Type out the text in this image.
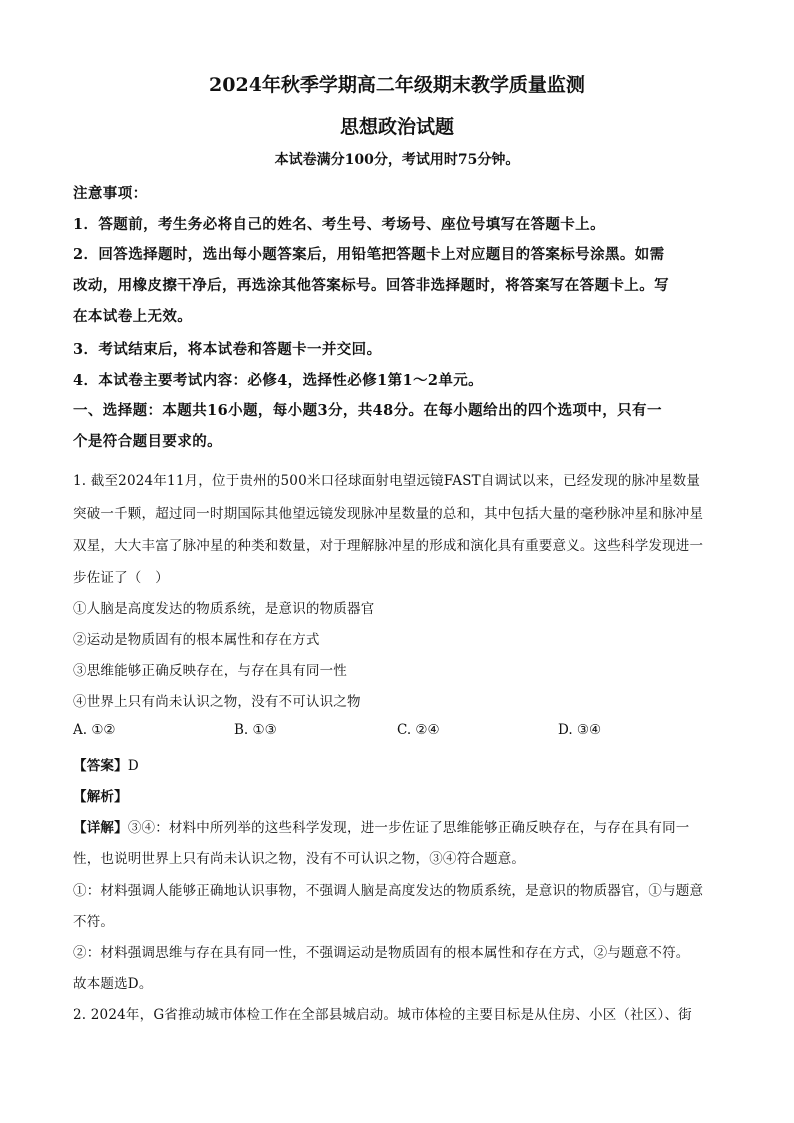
2024年秋季学期高二年级期末教学质量监测
思想政治试题
本试卷满分100分，考试用时75分钟。
注意事项：
1．答题前，考生务必将自己的姓名、考生号、考场号、座位号填写在答题卡上。
2．回答选择题时，选出每小题答案后，用铅笔把答题卡上对应题目的答案标号涂黑。如需
改动，用橡皮擦干净后，再选涂其他答案标号。回答非选择题时，将答案写在答题卡上。写
在本试卷上无效。
3．考试结束后，将本试卷和答题卡一并交回。
4．本试卷主要考试内容：必修4，选择性必修1第1～2单元。
一、选择题：本题共16小题，每小题3分，共48分。在每小题给出的四个选项中，只有一
个是符合题目要求的。
1. 截至2024年11月，位于贵州的500米口径球面射电望远镜FAST自调试以来，已经发现的脉冲星数量
突破一千颗，超过同一时期国际其他望远镜发现脉冲星数量的总和，其中包括大量的毫秒脉冲星和脉冲星
双星，大大丰富了脉冲星的种类和数量，对于理解脉冲星的形成和演化具有重要意义。这些科学发现进一
步佐证了（　）
①人脑是高度发达的物质系统，是意识的物质器官
②运动是物质固有的根本属性和存在方式
③思维能够正确反映存在，与存在具有同一性
④世界上只有尚未认识之物，没有不可认识之物
A. ①②	B. ①③	C. ②④	D. ③④
【答案】D
【解析】
【详解】③④：材料中所列举的这些科学发现，进一步佐证了思维能够正确反映存在，与存在具有同一
性，也说明世界上只有尚未认识之物，没有不可认识之物，③④符合题意。
①：材料强调人能够正确地认识事物，不强调人脑是高度发达的物质系统，是意识的物质器官，①与题意
不符。
②：材料强调思维与存在具有同一性，不强调运动是物质固有的根本属性和存在方式，②与题意不符。
故本题选D。
2. 2024年，G省推动城市体检工作在全部县城启动。城市体检的主要目标是从住房、小区（社区）、街
